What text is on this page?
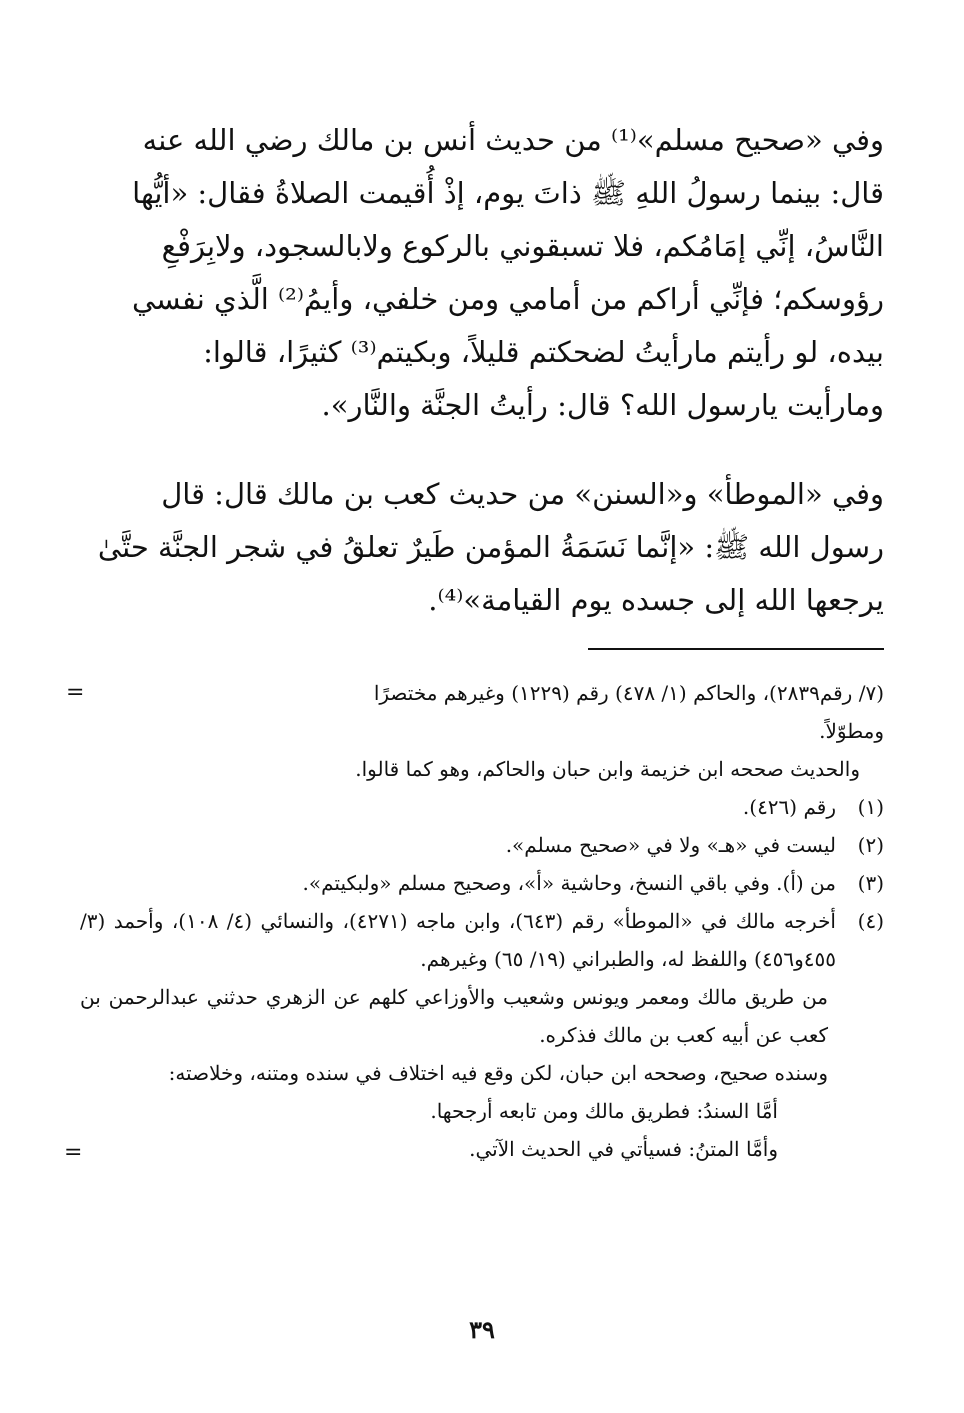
وفي «صحيح مسلم»⁽¹⁾ من حديث أنس بن مالك رضي الله عنه

قال: بينما رسولُ اللهِ ﷺ ذاتَ يوم، إذْ أُقيمت الصلاةُ فقال: «أيُّها

النَّاسُ، إنِّي إمَامُكم، فلا تسبقوني بالركوع ولابالسجود، ولابِرَفْعِ

رؤوسكم؛ فإنِّي أراكم من أمامي ومن خلفي، وأيمُ⁽²⁾ الَّذي نفسي

بيده، لو رأيتم مارأيتُ لضحكتم قليلاً، وبكيتم⁽³⁾ كثيرًا، قالوا:

ومارأيت يارسول الله؟ قال: رأيتُ الجنَّة والنَّار».

وفي «الموطأ» و«السنن» من حديث كعب بن مالك قال: قال

رسول الله ﷺ: «إنَّما نَسَمَةُ المؤمن طَيرٌ تعلقُ في شجر الجنَّة حتَّىٰ

يرجعها الله إلى جسده يوم القيامة»⁽⁴⁾.

=	(٧/ رقم٢٨٣٩)، والحاكم (١/ ٤٧٨) رقم (١٢٢٩) وغيرهم مختصرًا

ومطوّلاً.

والحديث صححه ابن خزيمة وابن حبان والحاكم، وهو كما قالوا.

(١)

رقم (٤٢٦).

(٢)

ليست في «هـ» ولا في «صحيح مسلم».

(٣)

من (أ). وفي باقي النسخ، وحاشية «أ»، وصحيح مسلم «ولبكيتم».

(٤)

أخرجه مالك في «الموطأ» رقم (٦٤٣)، وابن ماجه (٤٢٧١)، والنسائي (٤/ ١٠٨)، وأحمد (٣/ ٤٥٥و٤٥٦) واللفظ له، والطبراني (١٩/ ٦٥) وغيرهم.

من طريق مالك ومعمر ويونس وشعيب والأوزاعي كلهم عن الزهري حدثني عبدالرحمن بن كعب عن أبيه كعب بن مالك فذكره.

وسنده صحيح، وصححه ابن حبان، لكن وقع فيه اختلاف في سنده ومتنه، وخلاصته:

أمَّا السندُ: فطريق مالك ومن تابعه أرجحها.

وأمَّا المتنُ: فسيأتي في الحديث الآتي.
=
٣٩
